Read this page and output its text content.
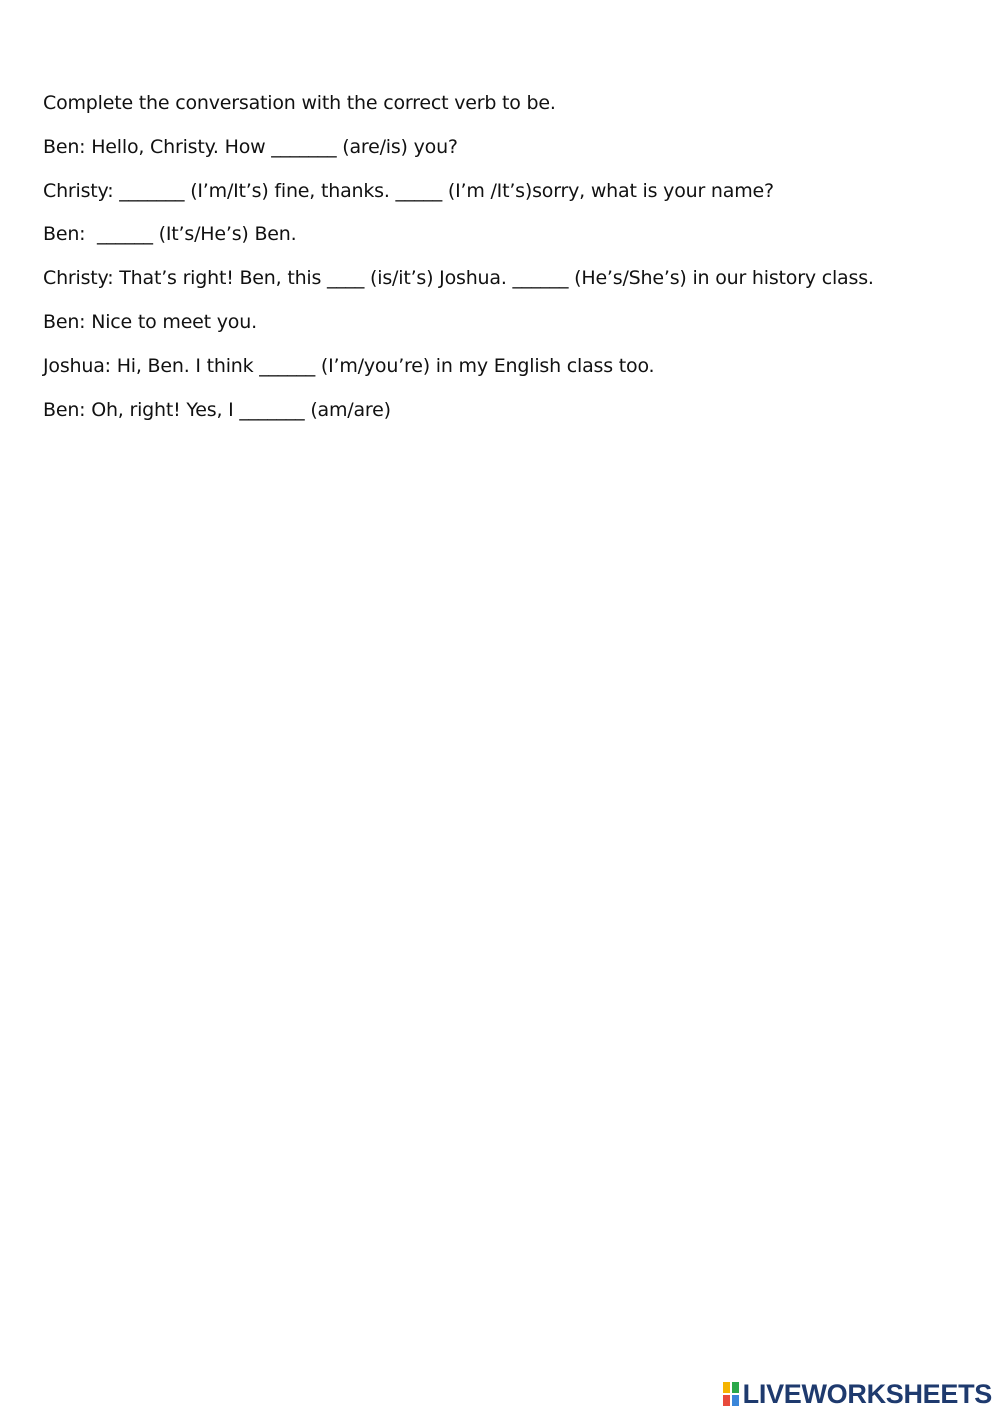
Complete the conversation with the correct verb to be.
Ben: Hello, Christy. How _______ (are/is) you?
Christy: _______ (I’m/It’s) fine, thanks. _____ (I’m /It’s)sorry, what is your name?
Ben:  ______ (It’s/He’s) Ben.
Christy: That’s right! Ben, this ____ (is/it’s) Joshua. ______ (He’s/She’s) in our history class.
Ben: Nice to meet you.
Joshua: Hi, Ben. I think ______ (I’m/you’re) in my English class too.
Ben: Oh, right! Yes, I _______ (am/are)
LIVEWORKSHEETS
